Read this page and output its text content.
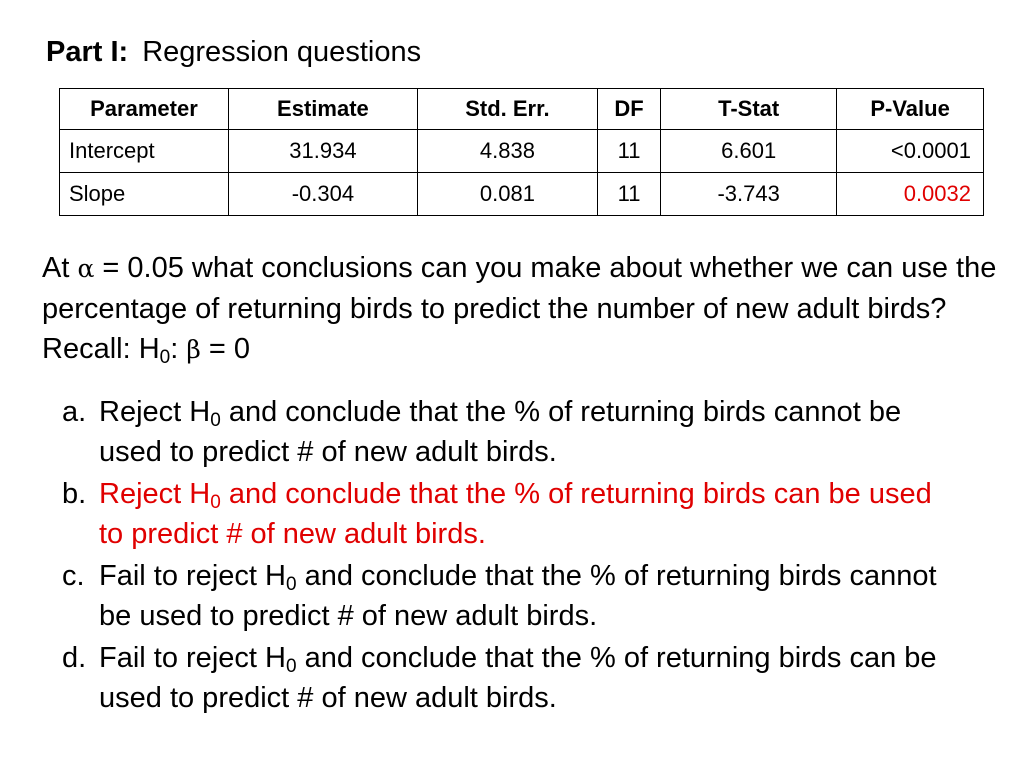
Part I: Regression questions
Parameter	Estimate	Std. Err.	DF	T-Stat	P-Value
Intercept	31.934	4.838	11	6.601	<0.0001
Slope	-0.304	0.081	11	-3.743	0.0032
At α = 0.05 what conclusions can you make about whether we can use the percentage of returning birds to predict the number of new adult birds? Recall: $H_0$: β = 0
a. Reject $H_0$ and conclude that the % of returning birds cannot be used to predict # of new adult birds.
b. Reject $H_0$ and conclude that the % of returning birds can be used to predict # of new adult birds.
c. Fail to reject $H_0$ and conclude that the % of returning birds cannot be used to predict # of new adult birds.
d. Fail to reject $H_0$ and conclude that the % of returning birds can be used to predict # of new adult birds.
